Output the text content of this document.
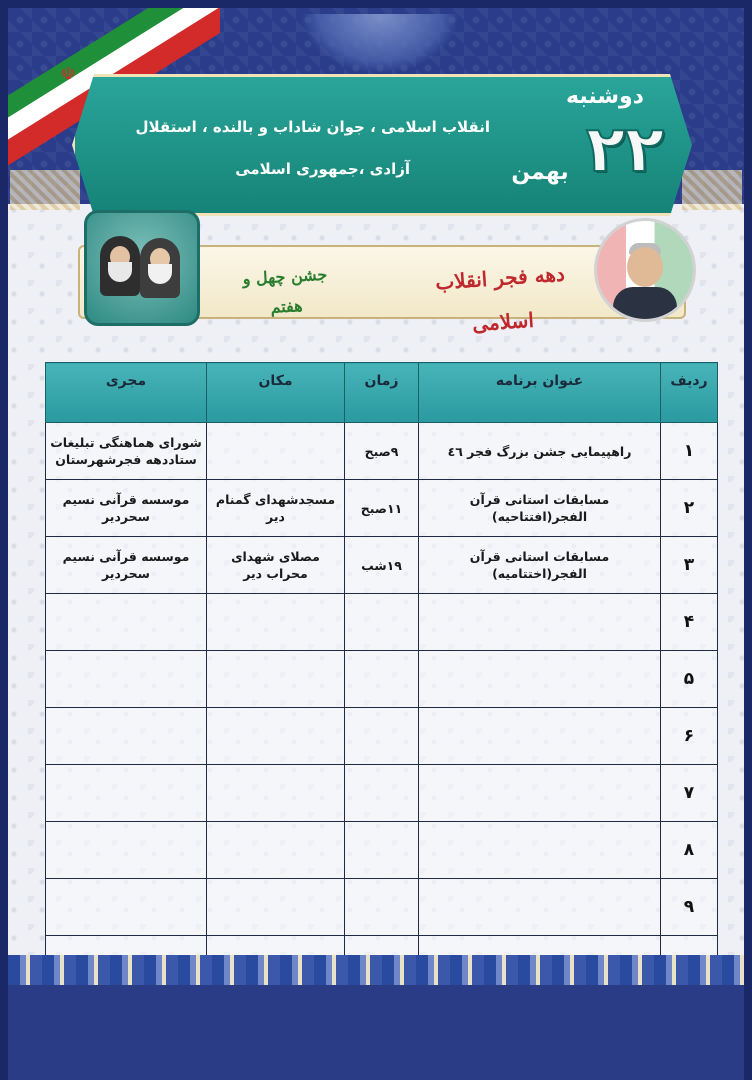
☫
انقلاب اسلامی ، جوان شاداب و بالنده ، استقلال
آزادی ،جمهوری اسلامی
دوشنبه
۲۲
بهمن
دهه فجر انقلاب اسلامی
جشن چهل و هفتم
ردیف	عنوان برنامه	زمان	مکان	مجری
۱	راهپیمایی جشن بزرگ فجر ٤٦	۹صبح		شورای هماهنگی تبلیغات ستاددهه فجرشهرستان
۲	مسابقات استانی قرآن الفجر(افتتاحیه)	۱۱صبح	مسجدشهدای گمنام دیر	موسسه قرآنی نسیم سحردیر
۳	مسابقات استانی قرآن الفجر(اختتامیه)	۱۹شب	مصلای شهدای محراب دیر	موسسه قرآنی نسیم سحردیر
۴				
۵				
۶				
۷				
۸				
۹				
